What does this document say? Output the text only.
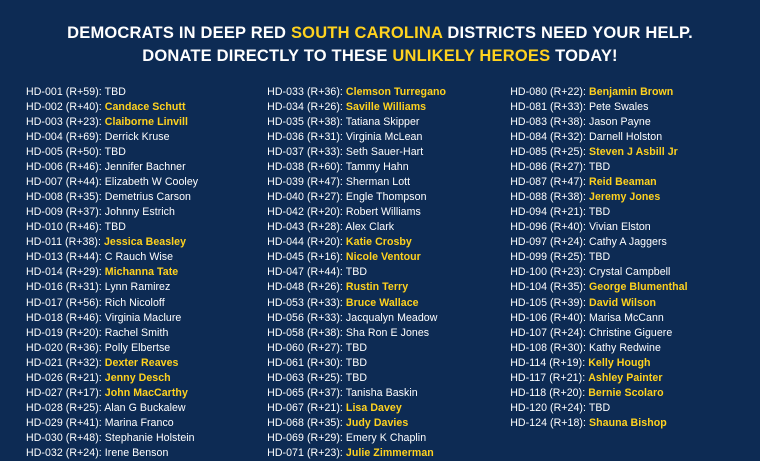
DEMOCRATS IN DEEP RED SOUTH CAROLINA DISTRICTS NEED YOUR HELP.
DONATE DIRECTLY TO THESE UNLIKELY HEROES TODAY!
HD-001 (R+59): TBD
HD-002 (R+40): Candace Schutt
HD-003 (R+23): Claiborne Linvill
HD-004 (R+69): Derrick Kruse
HD-005 (R+50): TBD
HD-006 (R+46): Jennifer Bachner
HD-007 (R+44): Elizabeth W Cooley
HD-008 (R+35): Demetrius Carson
HD-009 (R+37): Johnny Estrich
HD-010 (R+46): TBD
HD-011 (R+38): Jessica Beasley
HD-013 (R+44): C Rauch Wise
HD-014 (R+29): Michanna Tate
HD-016 (R+31): Lynn Ramirez
HD-017 (R+56): Rich Nicoloff
HD-018 (R+46): Virginia Maclure
HD-019 (R+20): Rachel Smith
HD-020 (R+36): Polly Elbertse
HD-021 (R+32): Dexter Reaves
HD-026 (R+21): Jenny Desch
HD-027 (R+17): John MacCarthy
HD-028 (R+25): Alan G Buckalew
HD-029 (R+41): Marina Franco
HD-030 (R+48): Stephanie Holstein
HD-032 (R+24): Irene Benson
HD-033 (R+36): Clemson Turregano
HD-034 (R+26): Saville Williams
HD-035 (R+38): Tatiana Skipper
HD-036 (R+31): Virginia McLean
HD-037 (R+33): Seth Sauer-Hart
HD-038 (R+60): Tammy Hahn
HD-039 (R+47): Sherman Lott
HD-040 (R+27): Engle Thompson
HD-042 (R+20): Robert Williams
HD-043 (R+28): Alex Clark
HD-044 (R+20): Katie Crosby
HD-045 (R+16): Nicole Ventour
HD-047 (R+44): TBD
HD-048 (R+26): Rustin Terry
HD-053 (R+33): Bruce Wallace
HD-056 (R+33): Jacqualyn Meadow
HD-058 (R+38): Sha Ron E Jones
HD-060 (R+27): TBD
HD-061 (R+30): TBD
HD-063 (R+25): TBD
HD-065 (R+37): Tanisha Baskin
HD-067 (R+21): Lisa Davey
HD-068 (R+35): Judy Davies
HD-069 (R+29): Emery K Chaplin
HD-071 (R+23): Julie Zimmerman
HD-080 (R+22): Benjamin Brown
HD-081 (R+33): Pete Swales
HD-083 (R+38): Jason Payne
HD-084 (R+32): Darnell Holston
HD-085 (R+25): Steven J Asbill Jr
HD-086 (R+27): TBD
HD-087 (R+47): Reid Beaman
HD-088 (R+38): Jeremy Jones
HD-094 (R+21): TBD
HD-096 (R+40): Vivian Elston
HD-097 (R+24): Cathy A Jaggers
HD-099 (R+25): TBD
HD-100 (R+23): Crystal Campbell
HD-104 (R+35): George Blumenthal
HD-105 (R+39): David Wilson
HD-106 (R+40): Marisa McCann
HD-107 (R+24): Christine Giguere
HD-108 (R+30): Kathy Redwine
HD-114 (R+19): Kelly Hough
HD-117 (R+21): Ashley Painter
HD-118 (R+20): Bernie Scolaro
HD-120 (R+24): TBD
HD-124 (R+18): Shauna Bishop
